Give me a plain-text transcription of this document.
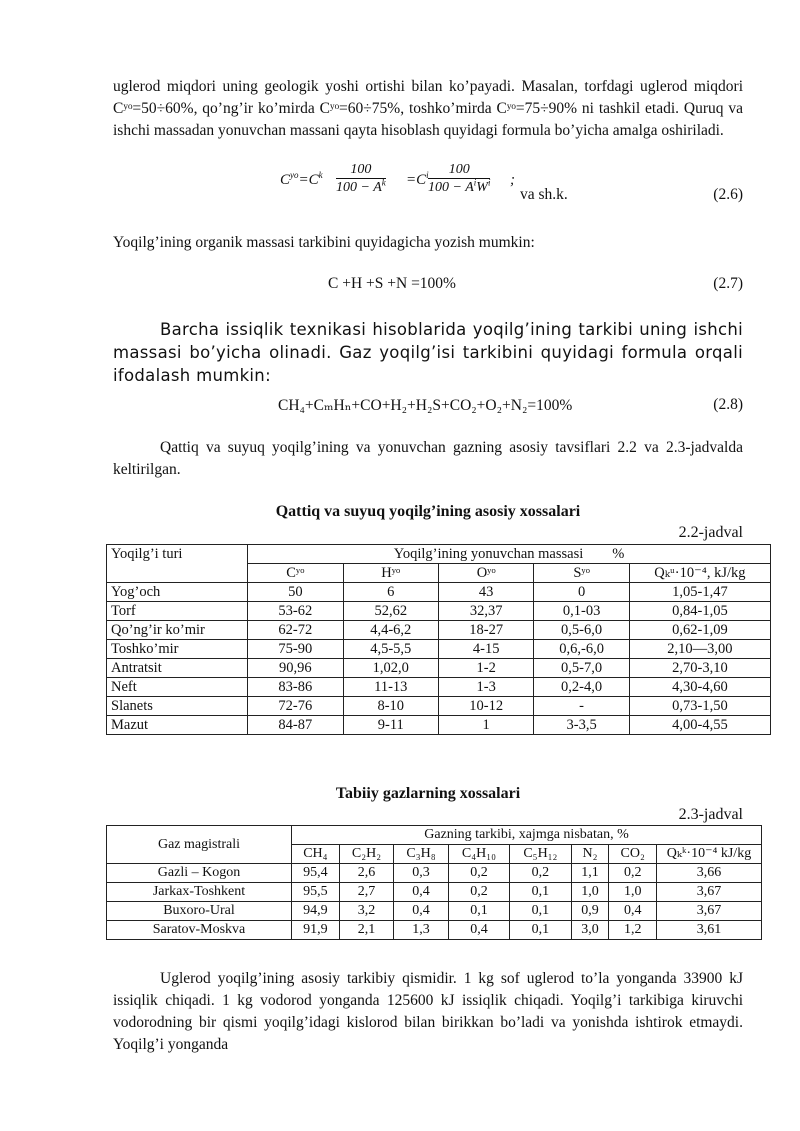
uglerod miqdori uning geologik yoshi ortishi bilan ko’payadi. Masalan, torfdagi uglerod miqdori Cʸᵒ=50÷60%, qo’ng’ir ko’mirda Cʸᵒ=60÷75%, toshko’mirda Cʸᵒ=75÷90% ni tashkil etadi. Quruq va ishchi massadan yonuvchan massani qayta hisoblash quyidagi formula bo’yicha amalga oshiriladi.
$C^{yo}=C^k \frac{100}{100 - A^k} =C^i$	100
$100 - A^iW^i$ ;
va sh.k.	(2.6)
Yoqilg’ining organik massasi tarkibini quyidagicha yozish mumkin:
C +H +S +N =100%	(2.7)
Barcha issiqlik texnikasi hisoblarida yoqilg’ining tarkibi uning ishchi massasi bo’yicha olinadi. Gaz yoqilg’isi tarkibini quyidagi formula orqali ifodalash mumkin:
CH₄+CₘHₙ+CO+H₂+H₂S+CO₂+O₂+N₂=100%	(2.8)
Qattiq va suyuq yoqilg’ining va yonuvchan gazning asosiy tavsiflari 2.2 va 2.3-jadvalda keltirilgan.
Qattiq va suyuq yoqilg’ining asosiy xossalari
2.2-jadval
Yoqilg’i turi	Yoqilg’ining yonuvchan massasi        %				
	Cʸᵒ	Hʸᵒ	Oʸᵒ	Sʸᵒ	Qₖᵘ·10⁻⁴, kJ/kg
Yog’och	50	6	43	0	1,05-1,47
Torf	53-62	52,62	32,37	0,1-03	0,84-1,05
Qo’ng’ir ko’mir	62-72	4,4-6,2	18-27	0,5-6,0	0,62-1,09
Toshko’mir	75-90	4,5-5,5	4-15	0,6,-6,0	2,10—3,00
Antratsit	90,96	1,02,0	1-2	0,5-7,0	2,70-3,10
Neft	83-86	11-13	1-3	0,2-4,0	4,30-4,60
Slanets	72-76	8-10	10-12	-	0,73-1,50
Mazut	84-87	9-11	1	3-3,5	4,00-4,55
Tabiiy gazlarning xossalari
2.3-jadval
Gaz magistrali	Gazning tarkibi, xajmga nisbatan, %							
	CH₄	C₂H₂	C₃H₈	C₄H₁₀	C₅H₁₂	N₂	CO₂	Qₖᵏ·10⁻⁴ kJ/kg
Gazli – Kogon	95,4	2,6	0,3	0,2	0,2	1,1	0,2	3,66
Jarkax-Toshkent	95,5	2,7	0,4	0,2	0,1	1,0	1,0	3,67
Buxoro-Ural	94,9	3,2	0,4	0,1	0,1	0,9	0,4	3,67
Saratov-Moskva	91,9	2,1	1,3	0,4	0,1	3,0	1,2	3,61
Uglerod yoqilg’ining asosiy tarkibiy qismidir. 1 kg sof uglerod to’la yonganda 33900 kJ issiqlik chiqadi. 1 kg vodorod yonganda 125600 kJ issiqlik chiqadi. Yoqilg’i tarkibiga kiruvchi vodorodning bir qismi yoqilg’idagi kislorod bilan birikkan bo’ladi va yonishda ishtirok etmaydi. Yoqilg’i yonganda
